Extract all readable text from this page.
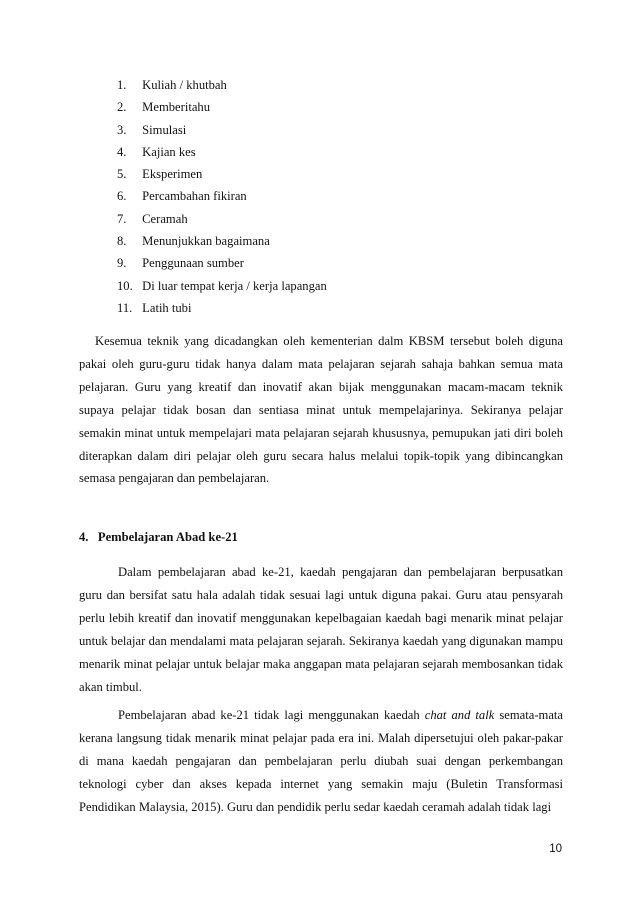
1. Kuliah / khutbah
2. Memberitahu
3. Simulasi
4. Kajian kes
5. Eksperimen
6. Percambahan fikiran
7. Ceramah
8. Menunjukkan bagaimana
9. Penggunaan sumber
10. Di luar tempat kerja / kerja lapangan
11. Latih tubi

Kesemua teknik yang dicadangkan oleh kementerian dalm KBSM tersebut boleh diguna pakai oleh guru-guru tidak hanya dalam mata pelajaran sejarah sahaja bahkan semua mata pelajaran. Guru yang kreatif dan inovatif akan bijak menggunakan macam-macam teknik supaya pelajar tidak bosan dan sentiasa minat untuk mempelajarinya. Sekiranya pelajar semakin minat untuk mempelajari mata pelajaran sejarah khususnya, pemupukan jati diri boleh diterapkan dalam diri pelajar oleh guru secara halus melalui topik-topik yang dibincangkan semasa pengajaran dan pembelajaran.

4.   Pembelajaran Abad ke-21

Dalam pembelajaran abad ke-21, kaedah pengajaran dan pembelajaran berpusatkan guru dan bersifat satu hala adalah tidak sesuai lagi untuk diguna pakai. Guru atau pensyarah perlu lebih kreatif dan inovatif menggunakan kepelbagaian kaedah bagi menarik minat pelajar untuk belajar dan mendalami mata pelajaran sejarah. Sekiranya kaedah yang digunakan mampu menarik minat pelajar untuk belajar maka anggapan mata pelajaran sejarah membosankan tidak akan timbul.

Pembelajaran abad ke-21 tidak lagi menggunakan kaedah chat and talk semata-mata kerana langsung tidak menarik minat pelajar pada era ini. Malah dipersetujui oleh pakar-pakar di mana kaedah pengajaran dan pembelajaran perlu diubah suai dengan perkembangan teknologi cyber dan akses kepada internet yang semakin maju (Buletin Transformasi Pendidikan Malaysia, 2015). Guru dan pendidik perlu sedar kaedah ceramah adalah tidak lagi

10
